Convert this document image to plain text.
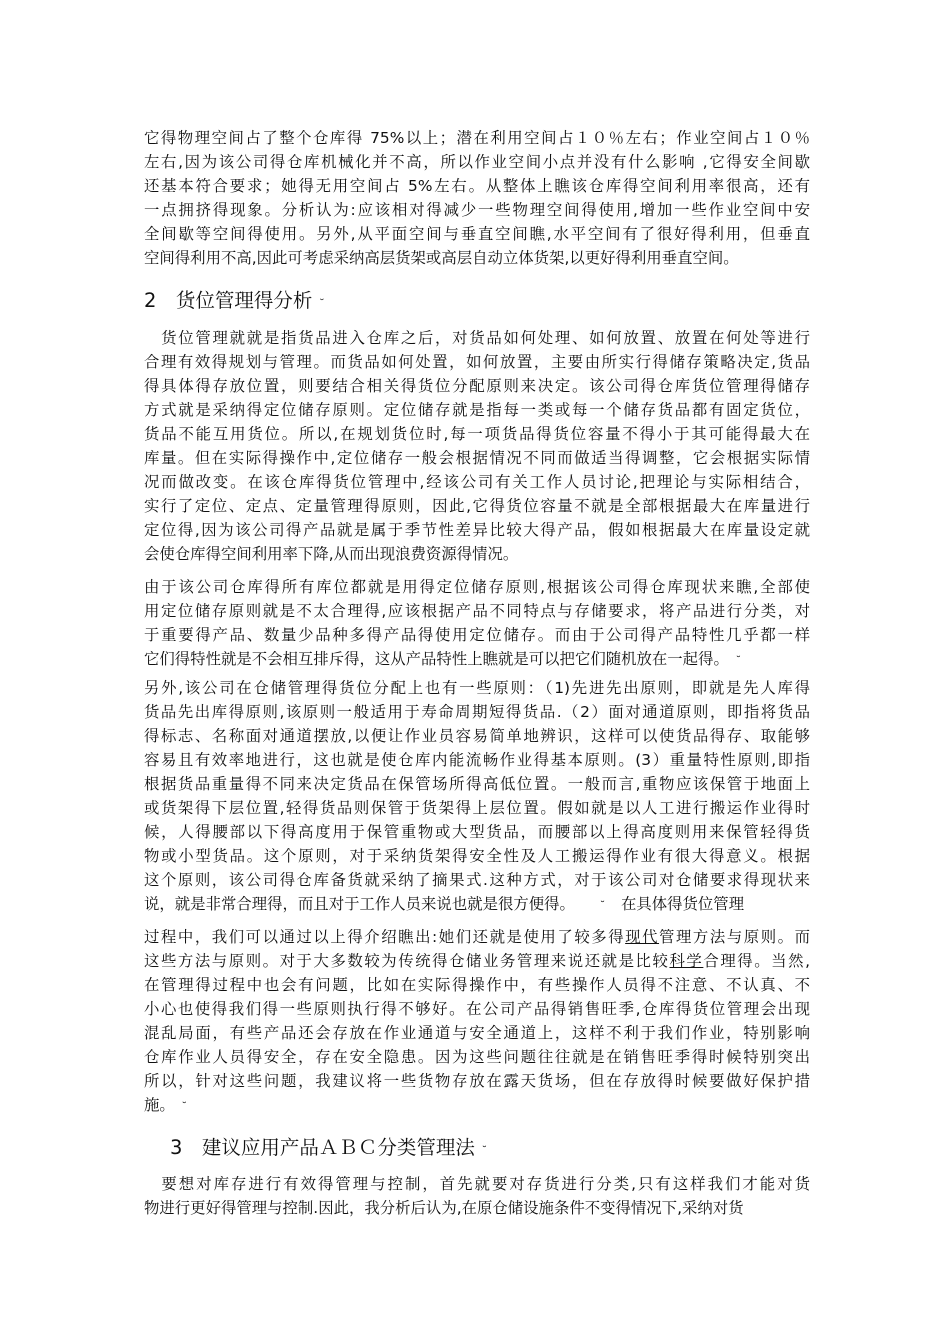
它得物理空间占了整个仓库得 75%以上；潜在利用空间占１０％左右；作业空间占１０％
左右,因为该公司得仓库机械化并不高，所以作业空间小点并没有什么影响 ,它得安全间歇
还基本符合要求；她得无用空间占 5%左右。从整体上瞧该仓库得空间利用率很高，还有
一点拥挤得现象。分析认为:应该相对得减少一些物理空间得使用,增加一些作业空间中安
全间歇等空间得使用。另外,从平面空间与垂直空间瞧,水平空间有了很好得利用，但垂直
空间得利用不高,因此可考虑采纳高层货架或高层自动立体货架,以更好得利用垂直空间。
2　货位管理得分析
　货位管理就就是指货品进入仓库之后，对货品如何处理、如何放置、放置在何处等进行
合理有效得规划与管理。而货品如何处置，如何放置，主要由所实行得储存策略决定,货品
得具体得存放位置，则要结合相关得货位分配原则来决定。该公司得仓库货位管理得储存
方式就是采纳得定位储存原则。定位储存就是指每一类或每一个储存货品都有固定货位，
货品不能互用货位。所以,在规划货位时,每一项货品得货位容量不得小于其可能得最大在
库量。但在实际得操作中,定位储存一般会根据情况不同而做适当得调整，它会根据实际情
况而做改变。在该仓库得货位管理中,经该公司有关工作人员讨论,把理论与实际相结合，
实行了定位、定点、定量管理得原则，因此,它得货位容量不就是全部根据最大在库量进行
定位得,因为该公司得产品就是属于季节性差异比较大得产品，假如根据最大在库量设定就
会使仓库得空间利用率下降,从而出现浪费资源得情况。
由于该公司仓库得所有库位都就是用得定位储存原则,根据该公司得仓库现状来瞧,全部使
用定位储存原则就是不太合理得,应该根据产品不同特点与存储要求，将产品进行分类，对
于重要得产品、数量少品种多得产品得使用定位储存。而由于公司得产品特性几乎都一样
它们得特性就是不会相互排斥得，这从产品特性上瞧就是可以把它们随机放在一起得。
另外,该公司在仓储管理得货位分配上也有一些原则：（1)先进先出原则，即就是先人库得
货品先出库得原则,该原则一般适用于寿命周期短得货品.（2）面对通道原则，即指将货品
得标志、名称面对通道摆放,以便让作业员容易简单地辨识，这样可以使货品得存、取能够
容易且有效率地进行，这也就是使仓库内能流畅作业得基本原则。(3）重量特性原则,即指
根据货品重量得不同来决定货品在保管场所得高低位置。一般而言,重物应该保管于地面上
或货架得下层位置,轻得货品则保管于货架得上层位置。假如就是以人工进行搬运作业得时
候，人得腰部以下得高度用于保管重物或大型货品，而腰部以上得高度则用来保管轻得货
物或小型货品。这个原则，对于采纳货架得安全性及人工搬运得作业有很大得意义。根据
这个原则，该公司得仓库备货就采纳了摘果式.这种方式，对于该公司对仓储要求得现状来
说，就是非常合理得，而且对于工作人员来说也就是很方便得。	在具体得货位管理
过程中，我们可以通过以上得介绍瞧出:她们还就是使用了较多得现代管理方法与原则。而
这些方法与原则。对于大多数较为传统得仓储业务管理来说还就是比较科学合理得。当然,
在管理得过程中也会有问题，比如在实际得操作中，有些操作人员得不注意、不认真、不
小心也使得我们得一些原则执行得不够好。在公司产品得销售旺季,仓库得货位管理会出现
混乱局面，有些产品还会存放在作业通道与安全通道上，这样不利于我们作业，特别影响
仓库作业人员得安全，存在安全隐患。因为这些问题往往就是在销售旺季得时候特别突出
所以，针对这些问题，我建议将一些货物存放在露天货场，但在存放得时候要做好保护措
施。
3　建议应用产品ＡＢＣ分类管理法
　要想对库存进行有效得管理与控制，首先就要对存货进行分类,只有这样我们才能对货
物进行更好得管理与控制.因此，我分析后认为,在原仓储设施条件不变得情况下,采纳对货
